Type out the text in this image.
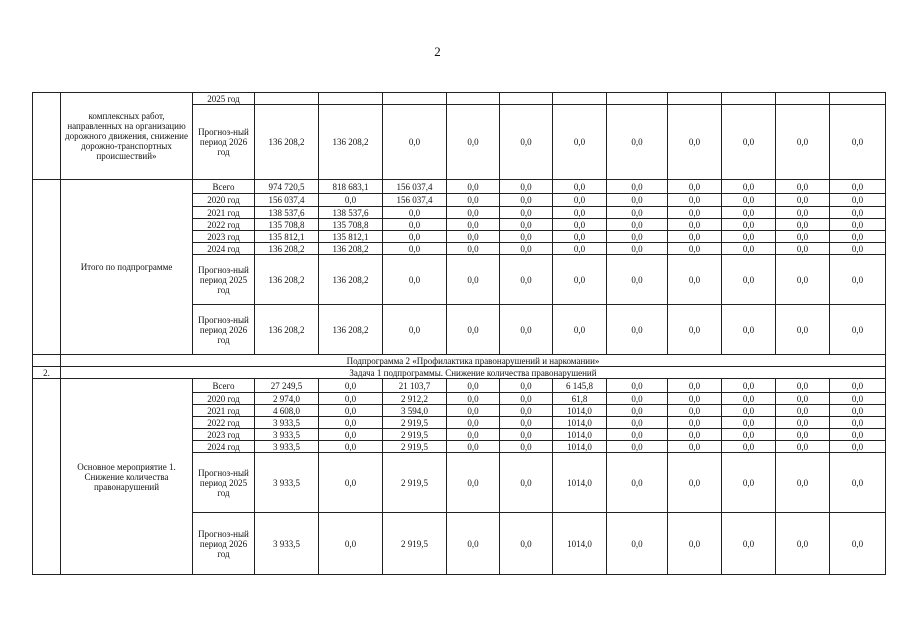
2
	комплексных работ, направленных на организацию дорожного движения, снижение дорожно-транспортных происшествий»	2025 год											
		Прогноз-ный период 2026 год	136 208,2	136 208,2	0,0	0,0	0,0	0,0	0,0	0,0	0,0	0,0	0,0
	Итого по подпрограмме	Всего	974 720,5	818 683,1	156 037,4	0,0	0,0	0,0	0,0	0,0	0,0	0,0	0,0
		2020 год	156 037,4	0,0	156 037,4	0,0	0,0	0,0	0,0	0,0	0,0	0,0	0,0
		2021 год	138 537,6	138 537,6	0,0	0,0	0,0	0,0	0,0	0,0	0,0	0,0	0,0
		2022 год	135 708,8	135 708,8	0,0	0,0	0,0	0,0	0,0	0,0	0,0	0,0	0,0
		2023 год	135 812,1	135 812,1	0,0	0,0	0,0	0,0	0,0	0,0	0,0	0,0	0,0
		2024 год	136 208,2	136 208,2	0,0	0,0	0,0	0,0	0,0	0,0	0,0	0,0	0,0
		Прогноз-ный период 2025 год	136 208,2	136 208,2	0,0	0,0	0,0	0,0	0,0	0,0	0,0	0,0	0,0
		Прогноз-ный период 2026 год	136 208,2	136 208,2	0,0	0,0	0,0	0,0	0,0	0,0	0,0	0,0	0,0
	Подпрограмма 2 «Профилактика правонарушений и наркомании»												
2.	Задача 1 подпрограммы. Снижение количества правонарушений												
	Основное мероприятие 1. Снижение количества правонарушений	Всего	27 249,5	0,0	21 103,7	0,0	0,0	6 145,8	0,0	0,0	0,0	0,0	0,0
		2020 год	2 974,0	0,0	2 912,2	0,0	0,0	61,8	0,0	0,0	0,0	0,0	0,0
		2021 год	4 608,0	0,0	3 594,0	0,0	0,0	1014,0	0,0	0,0	0,0	0,0	0,0
		2022 год	3 933,5	0,0	2 919,5	0,0	0,0	1014,0	0,0	0,0	0,0	0,0	0,0
		2023 год	3 933,5	0,0	2 919,5	0,0	0,0	1014,0	0,0	0,0	0,0	0,0	0,0
		2024 год	3 933,5	0,0	2 919,5	0,0	0,0	1014,0	0,0	0,0	0,0	0,0	0,0
		Прогноз-ный период 2025 год	3 933,5	0,0	2 919,5	0,0	0,0	1014,0	0,0	0,0	0,0	0,0	0,0
		Прогноз-ный период 2026 год	3 933,5	0,0	2 919,5	0,0	0,0	1014,0	0,0	0,0	0,0	0,0	0,0
